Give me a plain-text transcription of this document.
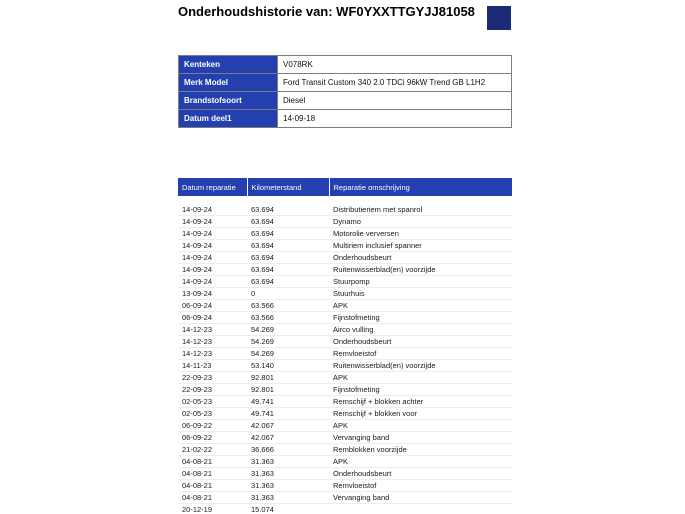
Onderhoudshistorie van: WF0YXXTTGYJJ81058
Kenteken	V078RK
Merk Model	Ford Transit Custom 340 2.0 TDCi 96kW Trend GB L1H2
Brandstofsoort	Diesel
Datum deel1	14-09-18
Datum reparatie	Kilometerstand	Reparatie omschrijving
14-09-24	63.694	Distributieriem met spanrol
14-09-24	63.694	Dynamo
14-09-24	63.694	Motorolie verversen
14-09-24	63.694	Multiriem inclusief spanner
14-09-24	63.694	Onderhoudsbeurt
14-09-24	63.694	Ruitenwisserblad(en) voorzijde
14-09-24	63.694	Stuurpomp
13-09-24	0	Stuurhuis
06-09-24	63.566	APK
06-09-24	63.566	Fijnstofmeting
14-12-23	54.269	Airco vulling
14-12-23	54.269	Onderhoudsbeurt
14-12-23	54.269	Remvloeistof
14-11-23	53.140	Ruitenwisserblad(en) voorzijde
22-09-23	92.801	APK
22-09-23	92.801	Fijnstofmeting
02-05-23	49.741	Remschijf + blokken achter
02-05-23	49.741	Remschijf + blokken voor
06-09-22	42.067	APK
06-09-22	42.067	Vervanging band
21-02-22	36.666	Remblokken voorzijde
04-08-21	31.363	APK
04-08-21	31.363	Onderhoudsbeurt
04-08-21	31.363	Remvloeistof
04-08-21	31.363	Vervanging band
20-12-19	15.074	
